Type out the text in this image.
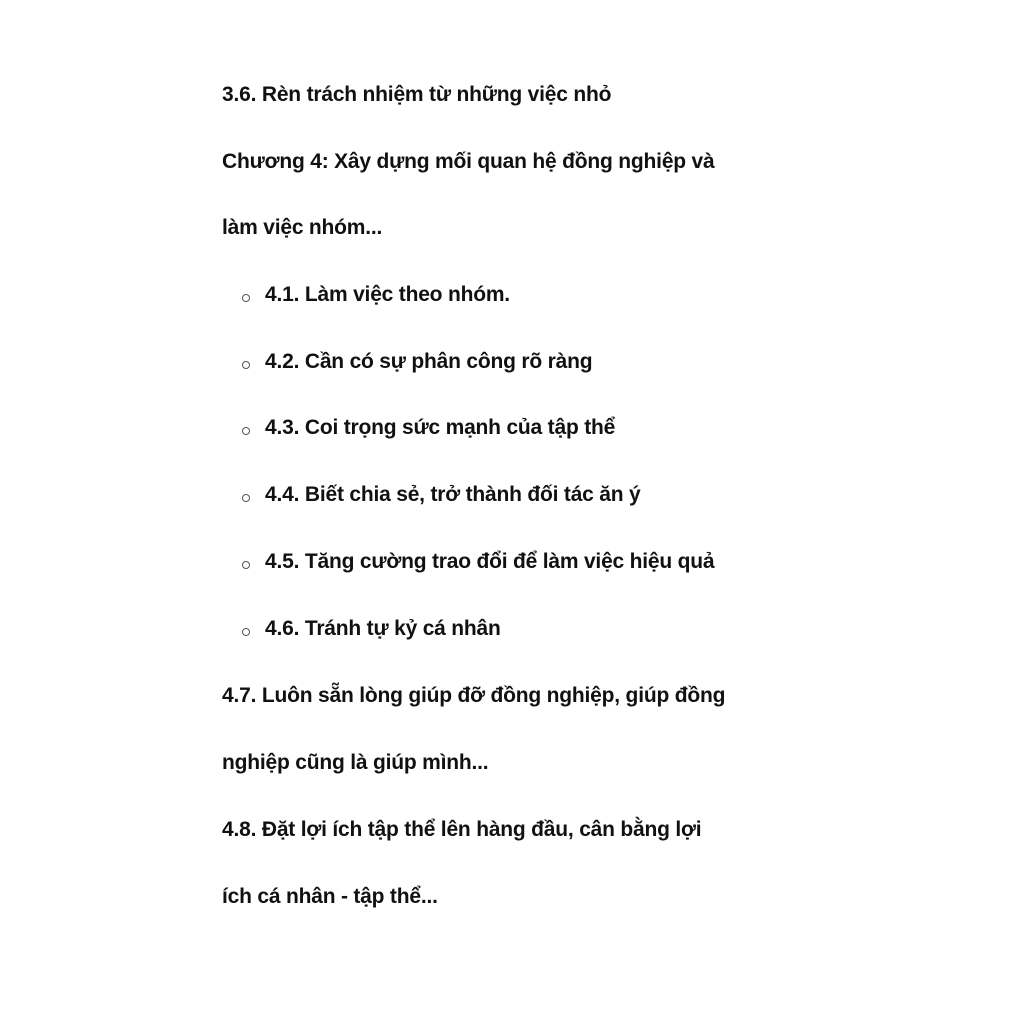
3.6. Rèn trách nhiệm từ những việc nhỏ
Chương 4: Xây dựng mối quan hệ đồng nghiệp và
làm việc nhóm...
4.1. Làm việc theo nhóm.
4.2. Cần có sự phân công rõ ràng
4.3. Coi trọng sức mạnh của tập thể
4.4. Biết chia sẻ, trở thành đối tác ăn ý
4.5. Tăng cường trao đổi để làm việc hiệu quả
4.6. Tránh tự kỷ cá nhân
4.7. Luôn sẵn lòng giúp đỡ đồng nghiệp, giúp đồng
nghiệp cũng là giúp mình...
4.8. Đặt lợi ích tập thể lên hàng đầu, cân bằng lợi
ích cá nhân - tập thể...
